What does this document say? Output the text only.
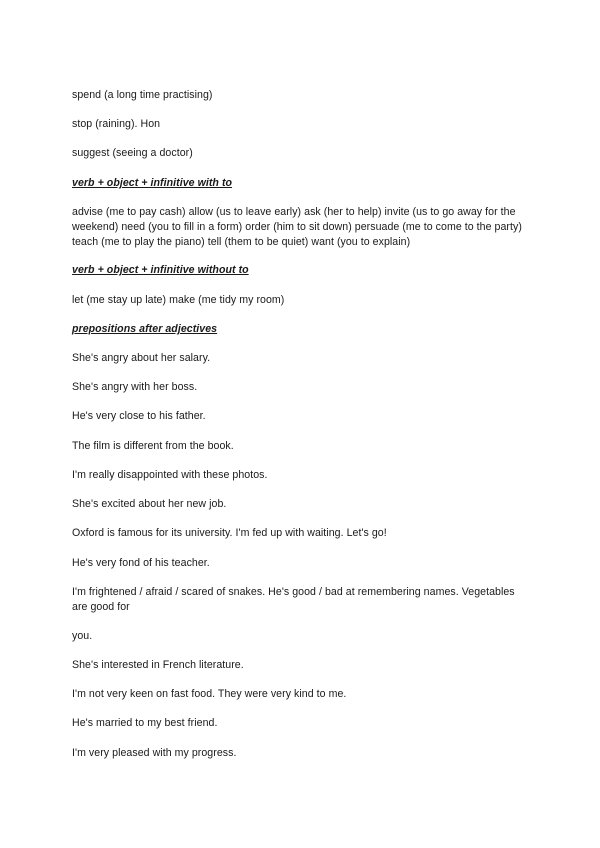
spend (a long time practising)
stop (raining). Hon
suggest (seeing a doctor)
verb + object + infinitive with to
advise (me to pay cash) allow (us to leave early) ask (her to help) invite (us to go away for the weekend) need (you to fill in a form) order (him to sit down) persuade (me to come to the party) teach (me to play the piano) tell (them to be quiet) want (you to explain)
verb + object + infinitive without to
let (me stay up late) make (me tidy my room)
prepositions after adjectives
She's angry about her salary.
She's angry with her boss.
He's very close to his father.
The film is different from the book.
I'm really disappointed with these photos.
She's excited about her new job.
Oxford is famous for its university. I'm fed up with waiting. Let's go!
He's very fond of his teacher.
I'm frightened / afraid / scared of snakes. He's good / bad at remembering names. Vegetables are good for
you.
She's interested in French literature.
I'm not very keen on fast food. They were very kind to me.
He's married to my best friend.
I'm very pleased with my progress.
